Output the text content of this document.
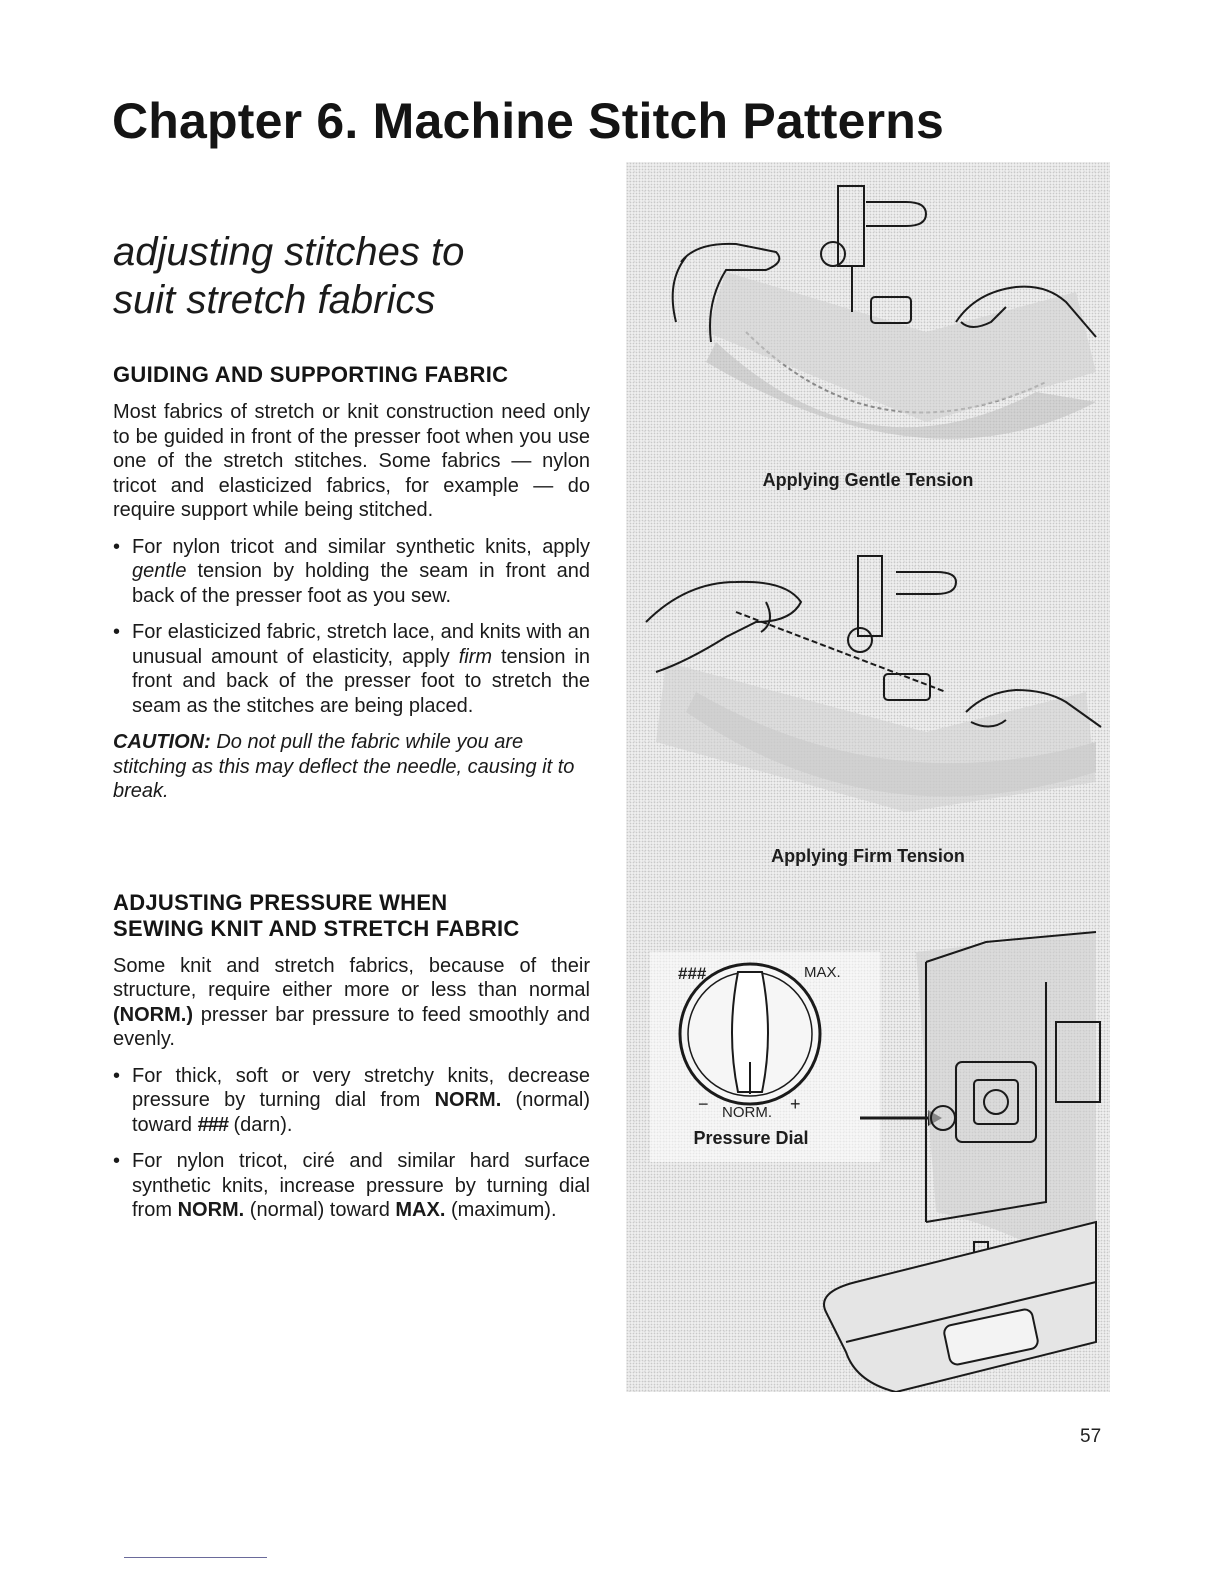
Chapter 6. Machine Stitch Patterns
adjusting stitches to
suit stretch fabrics
GUIDING AND SUPPORTING FABRIC

Most fabrics of stretch or knit construction need only to be guided in front of the presser foot when you use one of the stretch stitches. Some fabrics — nylon tricot and elasticized fabrics, for example — do require support while being stitched.

• For nylon tricot and similar synthetic knits, apply gentle tension by holding the seam in front and back of the presser foot as you sew.
• For elasticized fabric, stretch lace, and knits with an unusual amount of elasticity, apply firm tension in front and back of the presser foot to stretch the seam as the stitches are being placed.

CAUTION: Do not pull the fabric while you are stitching as this may deflect the needle, causing it to break.

ADJUSTING PRESSURE WHEN
SEWING KNIT AND STRETCH FABRIC

Some knit and stretch fabrics, because of their structure, require either more or less than normal (NORM.) presser bar pressure to feed smoothly and evenly.

• For thick, soft or very stretchy knits, decrease pressure by turning dial from NORM. (normal) toward ### (darn).
• For nylon tricot, ciré and similar hard surface synthetic knits, increase pressure by turning dial from NORM. (normal) toward MAX. (maximum).
Applying Gentle Tension
Applying Firm Tension
###	MAX.
−	+
NORM.
Pressure Dial
57
